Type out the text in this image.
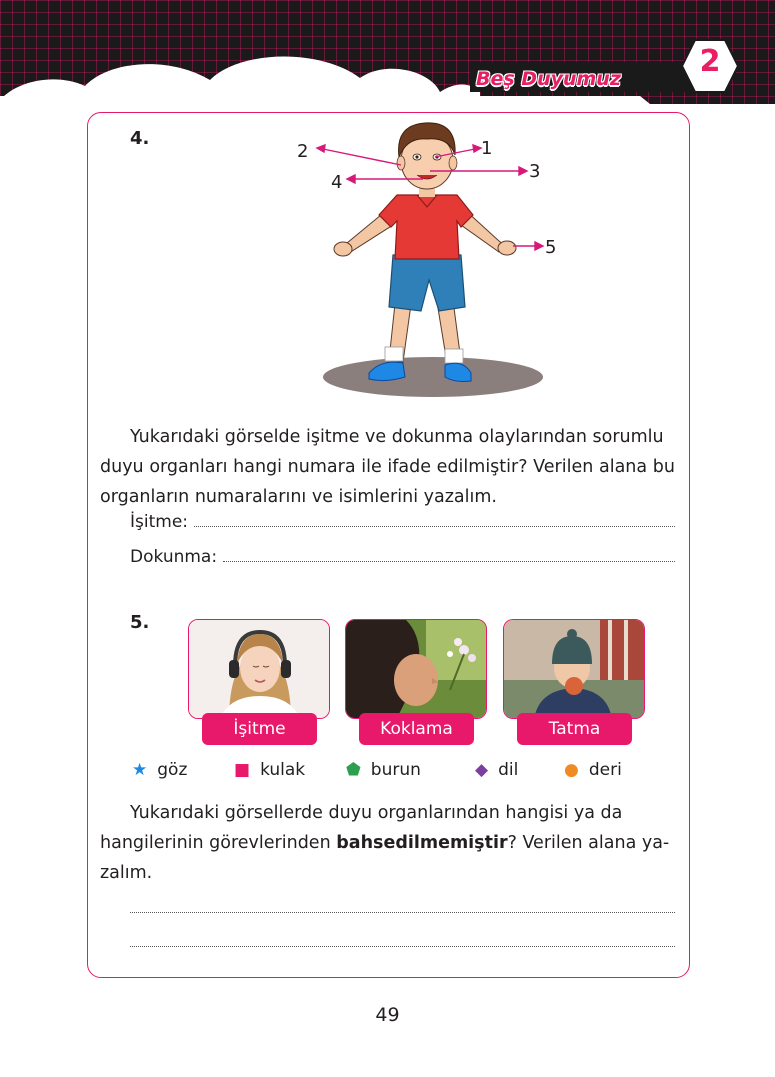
Beş Duyumuz	2
4.
2	1
3
4
5
Yukarıdaki görselde işitme ve dokunma olaylarından sorumlu
duyu organları hangi numara ile ifade edilmiştir? Verilen alana bu organların numaralarını ve isimlerini yazalım.
İşitme:
Dokunma:
5.
İşitme	Koklama	Tatma
★ göz	■ kulak ⬟ burun	◆ dil	● deri
Yukarıdaki görsellerde duyu organlarından hangisi ya da
hangilerinin görevlerinden bahsedilmemiştir? Verilen alana ya-
zalım.
49
